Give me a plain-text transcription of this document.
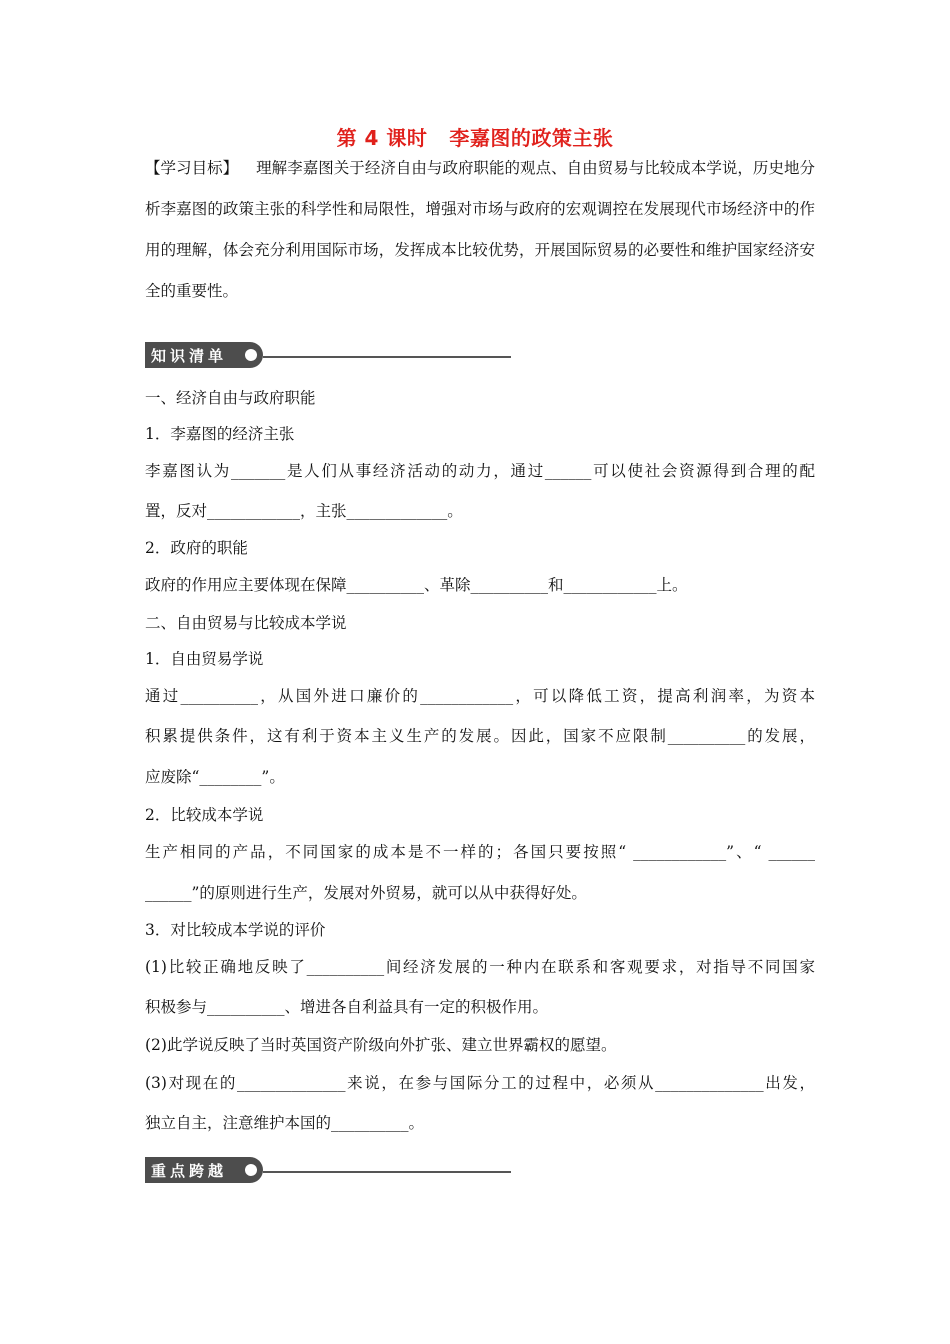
第 4 课时 李嘉图的政策主张
【学习目标】 理解李嘉图关于经济自由与政府职能的观点、自由贸易与比较成本学说，历史地分析李嘉图的政策主张的科学性和局限性，增强对市场与政府的宏观调控在发展现代市场经济中的作用的理解，体会充分利用国际市场，发挥成本比较优势，开展国际贸易的必要性和维护国家经济安全的重要性。
知识清单
一、经济自由与政府职能
1．李嘉图的经济主张
李嘉图认为_______是人们从事经济活动的动力，通过______可以使社会资源得到合理的配
置，反对____________，主张_____________。
2．政府的职能
政府的作用应主要体现在保障__________、革除__________和____________上。
二、自由贸易与比较成本学说
1．自由贸易学说
通过__________，从国外进口廉价的____________，可以降低工资，提高利润率，为资本
积累提供条件，这有利于资本主义生产的发展。因此，国家不应限制__________的发展，
应废除“________”。
2．比较成本学说
生产相同的产品，不同国家的成本是不一样的；各国只要按照“ ____________”、“ ______
______”的原则进行生产，发展对外贸易，就可以从中获得好处。
3．对比较成本学说的评价
(1)比较正确地反映了__________间经济发展的一种内在联系和客观要求，对指导不同国家
积极参与__________、增进各自利益具有一定的积极作用。
(2)此学说反映了当时英国资产阶级向外扩张、建立世界霸权的愿望。
(3)对现在的______________来说，在参与国际分工的过程中，必须从______________出发，
独立自主，注意维护本国的__________。
重点跨越
